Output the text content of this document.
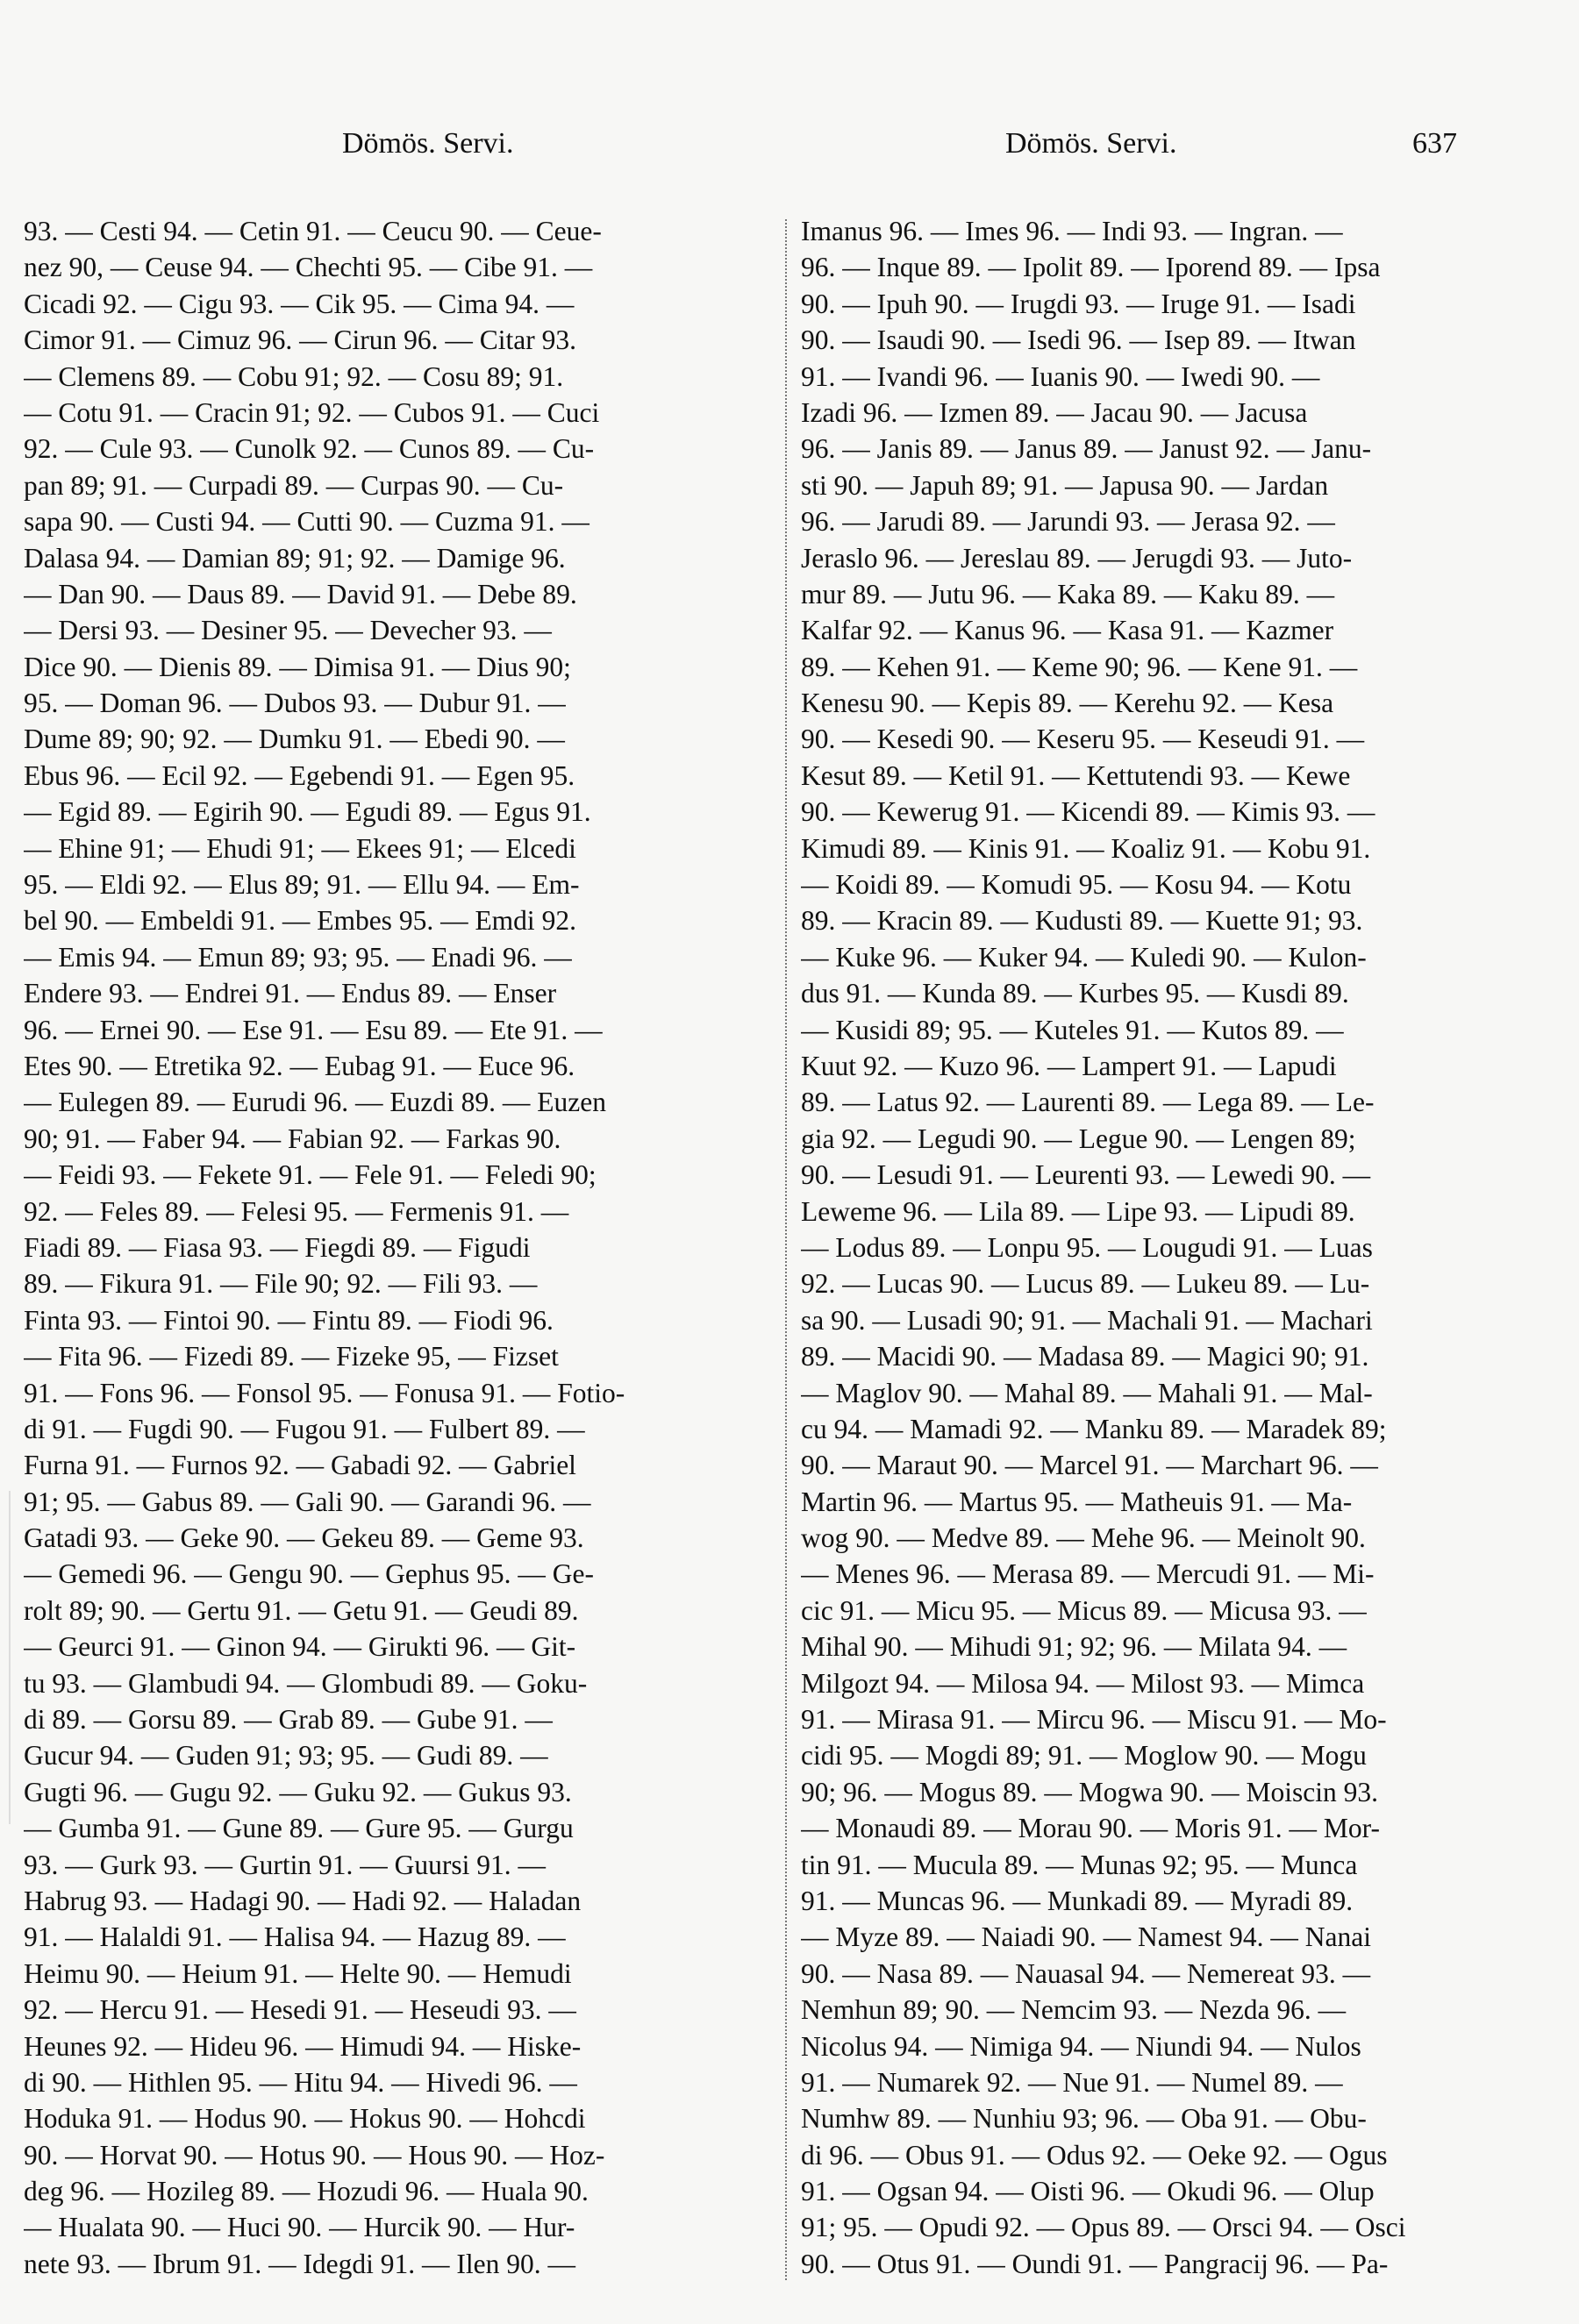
Dömös. Servi.	Dömös. Servi.	637
93. — Cesti 94. — Cetin 91. — Ceucu 90. — Ceue-
nez 90, — Ceuse 94. — Chechti 95. — Cibe 91. —
Cicadi 92. — Cigu 93. — Cik 95. — Cima 94. —
Cimor 91. — Cimuz 96. — Cirun 96. — Citar 93.
— Clemens 89. — Cobu 91; 92. — Cosu 89; 91.
— Cotu 91. — Cracin 91; 92. — Cubos 91. — Cuci
92. — Cule 93. — Cunolk 92. — Cunos 89. — Cu-
pan 89; 91. — Curpadi 89. — Curpas 90. — Cu-
sapa 90. — Custi 94. — Cutti 90. — Cuzma 91. —
Dalasa 94. — Damian 89; 91; 92. — Damige 96.
— Dan 90. — Daus 89. — David 91. — Debe 89.
— Dersi 93. — Desiner 95. — Devecher 93. —
Dice 90. — Dienis 89. — Dimisa 91. — Dius 90;
95. — Doman 96. — Dubos 93. — Dubur 91. —
Dume 89; 90; 92. — Dumku 91. — Ebedi 90. —
Ebus 96. — Ecil 92. — Egebendi 91. — Egen 95.
— Egid 89. — Egirih 90. — Egudi 89. — Egus 91.
— Ehine 91; — Ehudi 91; — Ekees 91; — Elcedi
95. — Eldi 92. — Elus 89; 91. — Ellu 94. — Em-
bel 90. — Embeldi 91. — Embes 95. — Emdi 92.
— Emis 94. — Emun 89; 93; 95. — Enadi 96. —
Endere 93. — Endrei 91. — Endus 89. — Enser
96. — Ernei 90. — Ese 91. — Esu 89. — Ete 91. —
Etes 90. — Etretika 92. — Eubag 91. — Euce 96.
— Eulegen 89. — Eurudi 96. — Euzdi 89. — Euzen
90; 91. — Faber 94. — Fabian 92. — Farkas 90.
— Feidi 93. — Fekete 91. — Fele 91. — Feledi 90;
92. — Feles 89. — Felesi 95. — Fermenis 91. —
Fiadi 89. — Fiasa 93. — Fiegdi 89. — Figudi
89. — Fikura 91. — File 90; 92. — Fili 93. —
Finta 93. — Fintoi 90. — Fintu 89. — Fiodi 96.
— Fita 96. — Fizedi 89. — Fizeke 95, — Fizset
91. — Fons 96. — Fonsol 95. — Fonusa 91. — Fotio-
di 91. — Fugdi 90. — Fugou 91. — Fulbert 89. —
Furna 91. — Furnos 92. — Gabadi 92. — Gabriel
91; 95. — Gabus 89. — Gali 90. — Garandi 96. —
Gatadi 93. — Geke 90. — Gekeu 89. — Geme 93.
— Gemedi 96. — Gengu 90. — Gephus 95. — Ge-
rolt 89; 90. — Gertu 91. — Getu 91. — Geudi 89.
— Geurci 91. — Ginon 94. — Girukti 96. — Git-
tu 93. — Glambudi 94. — Glombudi 89. — Goku-
di 89. — Gorsu 89. — Grab 89. — Gube 91. —
Gucur 94. — Guden 91; 93; 95. — Gudi 89. —
Gugti 96. — Gugu 92. — Guku 92. — Gukus 93.
— Gumba 91. — Gune 89. — Gure 95. — Gurgu
93. — Gurk 93. — Gurtin 91. — Guursi 91. —
Habrug 93. — Hadagi 90. — Hadi 92. — Haladan
91. — Halaldi 91. — Halisa 94. — Hazug 89. —
Heimu 90. — Heium 91. — Helte 90. — Hemudi
92. — Hercu 91. — Hesedi 91. — Heseudi 93. —
Heunes 92. — Hideu 96. — Himudi 94. — Hiske-
di 90. — Hithlen 95. — Hitu 94. — Hivedi 96. —
Hoduka 91. — Hodus 90. — Hokus 90. — Hohcdi
90. — Horvat 90. — Hotus 90. — Hous 90. — Hoz-
deg 96. — Hozileg 89. — Hozudi 96. — Huala 90.
— Hualata 90. — Huci 90. — Hurcik 90. — Hur-
nete 93. — Ibrum 91. — Idegdi 91. — Ilen 90. —
Imanus 96. — Imes 96. — Indi 93. — Ingran. —
96. — Inque 89. — Ipolit 89. — Iporend 89. — Ipsa
90. — Ipuh 90. — Irugdi 93. — Iruge 91. — Isadi
90. — Isaudi 90. — Isedi 96. — Isep 89. — Itwan
91. — Ivandi 96. — Iuanis 90. — Iwedi 90. —
Izadi 96. — Izmen 89. — Jacau 90. — Jacusa
96. — Janis 89. — Janus 89. — Janust 92. — Janu-
sti 90. — Japuh 89; 91. — Japusa 90. — Jardan
96. — Jarudi 89. — Jarundi 93. — Jerasa 92. —
Jeraslo 96. — Jereslau 89. — Jerugdi 93. — Juto-
mur 89. — Jutu 96. — Kaka 89. — Kaku 89. —
Kalfar 92. — Kanus 96. — Kasa 91. — Kazmer
89. — Kehen 91. — Keme 90; 96. — Kene 91. —
Kenesu 90. — Kepis 89. — Kerehu 92. — Kesa
90. — Kesedi 90. — Keseru 95. — Keseudi 91. —
Kesut 89. — Ketil 91. — Kettutendi 93. — Kewe
90. — Kewerug 91. — Kicendi 89. — Kimis 93. —
Kimudi 89. — Kinis 91. — Koaliz 91. — Kobu 91.
— Koidi 89. — Komudi 95. — Kosu 94. — Kotu
89. — Kracin 89. — Kudusti 89. — Kuette 91; 93.
— Kuke 96. — Kuker 94. — Kuledi 90. — Kulon-
dus 91. — Kunda 89. — Kurbes 95. — Kusdi 89.
— Kusidi 89; 95. — Kuteles 91. — Kutos 89. —
Kuut 92. — Kuzo 96. — Lampert 91. — Lapudi
89. — Latus 92. — Laurenti 89. — Lega 89. — Le-
gia 92. — Legudi 90. — Legue 90. — Lengen 89;
90. — Lesudi 91. — Leurenti 93. — Lewedi 90. —
Leweme 96. — Lila 89. — Lipe 93. — Lipudi 89.
— Lodus 89. — Lonpu 95. — Lougudi 91. — Luas
92. — Lucas 90. — Lucus 89. — Lukeu 89. — Lu-
sa 90. — Lusadi 90; 91. — Machali 91. — Machari
89. — Macidi 90. — Madasa 89. — Magici 90; 91.
— Maglov 90. — Mahal 89. — Mahali 91. — Mal-
cu 94. — Mamadi 92. — Manku 89. — Maradek 89;
90. — Maraut 90. — Marcel 91. — Marchart 96. —
Martin 96. — Martus 95. — Matheuis 91. — Ma-
wog 90. — Medve 89. — Mehe 96. — Meinolt 90.
— Menes 96. — Merasa 89. — Mercudi 91. — Mi-
cic 91. — Micu 95. — Micus 89. — Micusa 93. —
Mihal 90. — Mihudi 91; 92; 96. — Milata 94. —
Milgozt 94. — Milosa 94. — Milost 93. — Mimca
91. — Mirasa 91. — Mircu 96. — Miscu 91. — Mo-
cidi 95. — Mogdi 89; 91. — Moglow 90. — Mogu
90; 96. — Mogus 89. — Mogwa 90. — Moiscin 93.
— Monaudi 89. — Morau 90. — Moris 91. — Mor-
tin 91. — Mucula 89. — Munas 92; 95. — Munca
91. — Muncas 96. — Munkadi 89. — Myradi 89.
— Myze 89. — Naiadi 90. — Namest 94. — Nanai
90. — Nasa 89. — Nauasal 94. — Nemereat 93. —
Nemhun 89; 90. — Nemcim 93. — Nezda 96. —
Nicolus 94. — Nimiga 94. — Niundi 94. — Nulos
91. — Numarek 92. — Nue 91. — Numel 89. —
Numhw 89. — Nunhiu 93; 96. — Oba 91. — Obu-
di 96. — Obus 91. — Odus 92. — Oeke 92. — Ogus
91. — Ogsan 94. — Oisti 96. — Okudi 96. — Olup
91; 95. — Opudi 92. — Opus 89. — Orsci 94. — Osci
90. — Otus 91. — Oundi 91. — Pangracij 96. — Pa-
